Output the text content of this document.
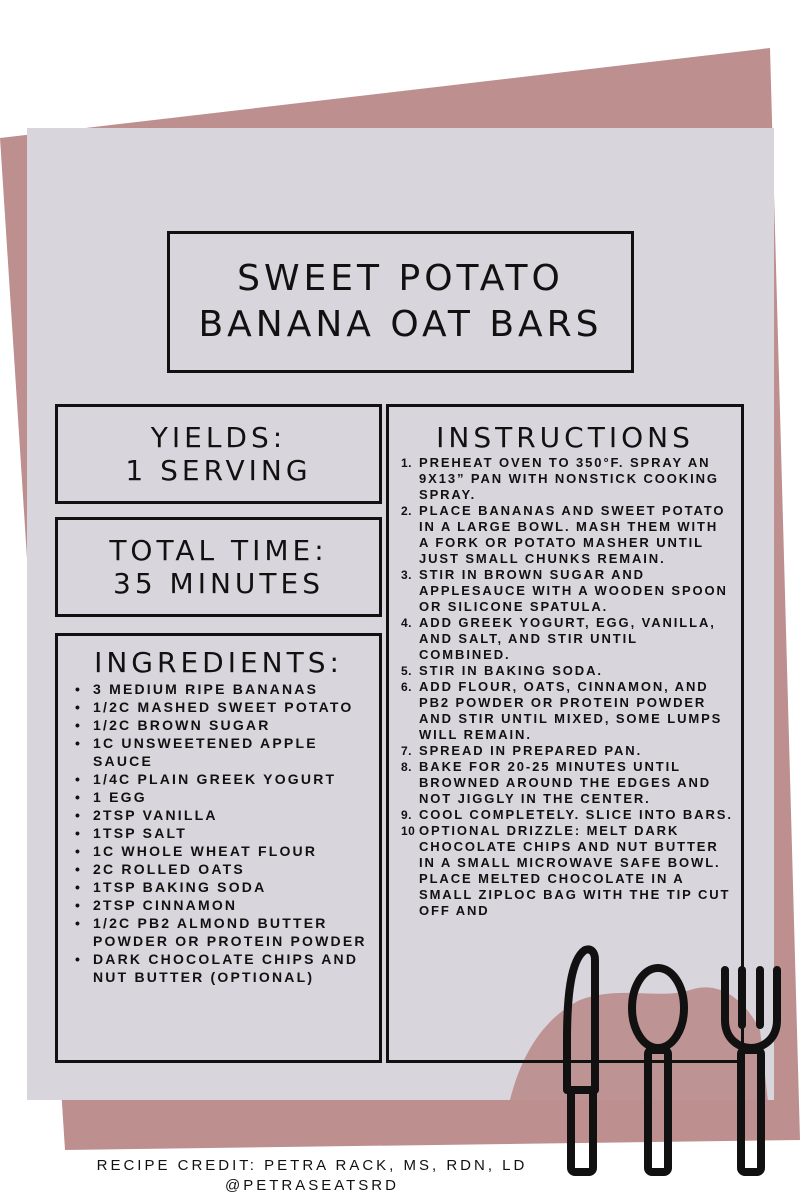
SWEET POTATO
BANANA OAT BARS
YIELDS:
1 SERVING
TOTAL TIME:
35 MINUTES
INGREDIENTS:
• 3 MEDIUM RIPE BANANAS
• 1/2C MASHED SWEET POTATO
• 1/2C BROWN SUGAR
• 1C UNSWEETENED APPLE SAUCE
• 1/4C PLAIN GREEK YOGURT
• 1 EGG
• 2TSP VANILLA
• 1TSP SALT
• 1C WHOLE WHEAT FLOUR
• 2C ROLLED OATS
• 1TSP BAKING SODA
• 2TSP CINNAMON
• 1/2C PB2 ALMOND BUTTER POWDER OR PROTEIN POWDER
• DARK CHOCOLATE CHIPS AND NUT BUTTER (OPTIONAL)
INSTRUCTIONS
1. PREHEAT OVEN TO 350°F. SPRAY AN 9X13” PAN WITH NONSTICK COOKING SPRAY.
2. PLACE BANANAS AND SWEET POTATO IN A LARGE BOWL. MASH THEM WITH A FORK OR POTATO MASHER UNTIL JUST SMALL CHUNKS REMAIN.
3. STIR IN BROWN SUGAR AND APPLESAUCE WITH A WOODEN SPOON OR SILICONE SPATULA.
4. ADD GREEK YOGURT, EGG, VANILLA, AND SALT, AND STIR UNTIL COMBINED.
5. STIR IN BAKING SODA.
6. ADD FLOUR, OATS, CINNAMON, AND PB2 POWDER OR PROTEIN POWDER AND STIR UNTIL MIXED, SOME LUMPS WILL REMAIN.
7. SPREAD IN PREPARED PAN.
8. BAKE FOR 20-25 MINUTES UNTIL BROWNED AROUND THE EDGES AND NOT JIGGLY IN THE CENTER.
9. COOL COMPLETELY. SLICE INTO BARS.
10 OPTIONAL DRIZZLE: MELT DARK CHOCOLATE CHIPS AND NUT BUTTER IN A SMALL MICROWAVE SAFE BOWL. PLACE MELTED CHOCOLATE IN A SMALL ZIPLOC BAG WITH THE TIP CUT OFF AND
RECIPE CREDIT: PETRA RACK, MS, RDN, LD
@PETRASEATSRD
